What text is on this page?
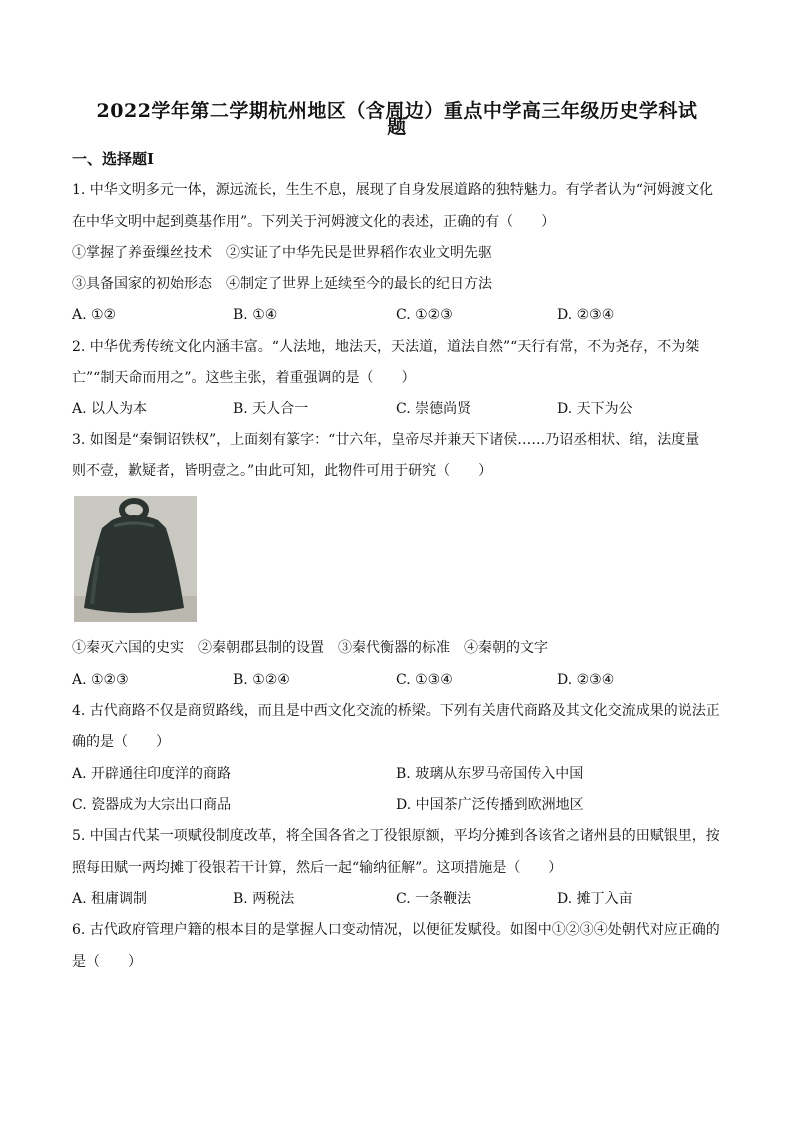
2022学年第二学期杭州地区（含周边）重点中学高三年级历史学科试
题
一、选择题Ⅰ
1. 中华文明多元一体，源远流长，生生不息，展现了自身发展道路的独特魅力。有学者认为“河姆渡文化
在中华文明中起到奠基作用”。下列关于河姆渡文化的表述，正确的有（　　）
①掌握了养蚕缫丝技术　②实证了中华先民是世界稻作农业文明先驱
③具备国家的初始形态　④制定了世界上延续至今的最长的纪日方法
A. ①②	B. ①④	C. ①②③	D. ②③④
2. 中华优秀传统文化内涵丰富。“人法地，地法天，天法道，道法自然”“天行有常，不为尧存，不为桀
亡”“制天命而用之”。这些主张，着重强调的是（　　）
A. 以人为本	B. 天人合一	C. 崇德尚贤	D. 天下为公
3. 如图是“秦铜诏铁权”，上面刻有篆字：“廿六年，皇帝尽并兼天下诸侯……乃诏丞相状、绾，法度量
则不壹，歉疑者，皆明壹之。”由此可知，此物件可用于研究（　　）
①秦灭六国的史实　②秦朝郡县制的设置　③秦代衡器的标准　④秦朝的文字
A. ①②③	B. ①②④	C. ①③④	D. ②③④
4. 古代商路不仅是商贸路线，而且是中西文化交流的桥梁。下列有关唐代商路及其文化交流成果的说法正
确的是（　　）
A. 开辟通往印度洋的商路	B. 玻璃从东罗马帝国传入中国
C. 瓷器成为大宗出口商品	D. 中国茶广泛传播到欧洲地区
5. 中国古代某一项赋役制度改革，将全国各省之丁役银原额，平均分摊到各该省之诸州县的田赋银里，按
照每田赋一两均摊丁役银若干计算，然后一起“输纳征解”。这项措施是（　　）
A. 租庸调制	B. 两税法	C. 一条鞭法	D. 摊丁入亩
6. 古代政府管理户籍的根本目的是掌握人口变动情况，以便征发赋役。如图中①②③④处朝代对应正确的
是（　　）
